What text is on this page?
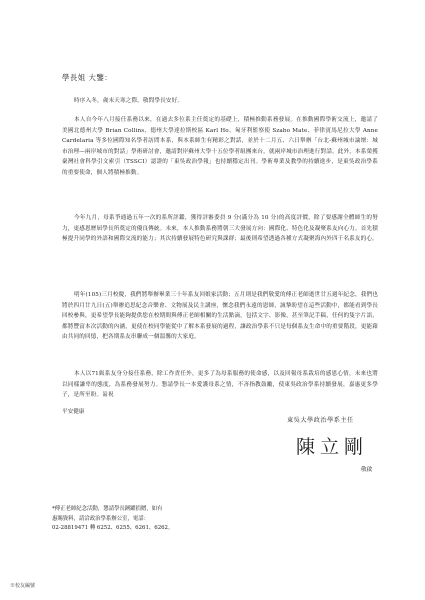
學長姐 大鑒：

時序入冬，歲末天寒之際，敬問學長安好。

本人自今年八月接任系務以來，在過去多位系主任奠定的基礎上，積極推動系務發展。在推動國際學術交流上，邀請了美國北德州大學 Brian Collins、德州大學達拉斯校區 Karl Ho、匈牙利監察使 Szabo Mate、菲律賓馬尼拉大學 Anne Cardelaria 等多位國際知名學者訪問本系，與本系師生有精彩之對話，並於十二月五、六日舉辦「台北-蘇州城市論壇：城市治理—兩岸城市的對話」學術研討會，邀請對岸蘇州大學十五位學者組團來台，就兩岸城市治理進行對話。此外，本系榮獲臺灣社會科學引文索引（TSSCI）認證的「東吳政治學報」也持續穩定出刊。學術專業及教學的持續進步，是東吳政治學系的重要使命，個人將積極推動。

今年九月，母系爭通過五年一次的系所評鑑，獲得評審委員 9 分(滿分為 10 分)的高度評價，除了要感謝全體師生的努力，更感恩歷屆學長所奠定的優良傳統。未來，本人推動系務將朝三大發展方向：國際化、特色化及凝聚系友向心力。首先積極提升同學的外語和國際交流的能力；其次持續發展特色研究與課群；最後則希望透過各種方式凝聚海內外四千名系友的心。

明年(105)三月校慶，我們將舉辦畢業三十年系友回娘家活動；五月則是我們敬愛的傅正老師逝世廿五週年紀念，我們也將於四月廿九日(五)舉辦追思紀念音樂會、文物展及民主講座，懷念我們永遠的恩師，誠摯盼望在這些活動中，都能看到學長回校參與，更希望學長能夠提供您在校期間與傅正老師相關的生活點滴，包括文字、影像，甚至筆記手稿，任何的隻字片語，都將豐富本次活動的內涵，更使在校同學能從中了解本系發展的過程，讓政治學系不只是每個系友生命中的重要階段，更能藉由共同的回憶，把各期系友串聯成一個溫馨的大家庭。

本人以71級系友身分接任系務，除工作責任外，更多了為母系服務的使命感，以及回報母系栽培的感恩心情，未來也將以同樣謙卑的態度，為系務發展努力。懇請學長一本愛護母系之情，不吝指教鼓勵，使東吳政治學系持續發展，嘉惠更多學子，是所至盼。耑祝

平安健康
東吳大學政治學系主任
陳立剛
敬啟
*傅正老師紀念活動，懇請學長踴躍捐贈，如有
惠賜資料，請洽政治學系辦公室，電話：
02-28819471 轉 6252、6255、6261、6262。
※校友編號
